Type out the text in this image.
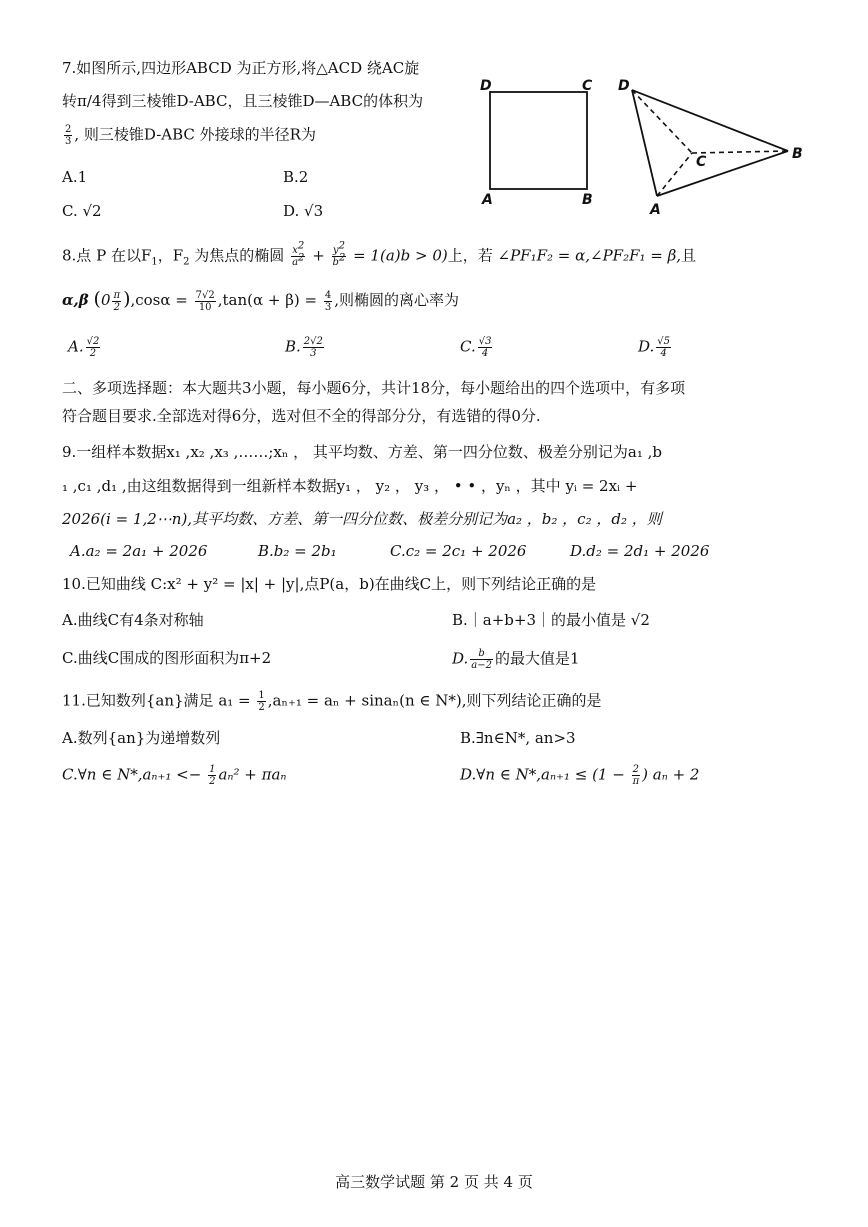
7.如图所示,四边形ABCD 为正方形,将△ACD 绕AC旋
转π/4得到三棱锥D-ABC，且三棱锥D—ABC的体积为
$\frac{2}{3}$ , 则三棱锥D-ABC 外接球的半径R为
A.1	B.2
C. √2	D. √3
D	C
A	B
D
C
A
B
8.点 P 在以$F_1$，$F_2$ 为焦点的椭圆 $\frac{x^2}{a^2} + \frac{y^2}{b^2} = 1(a)b > 0$)上，若 ∠PF₁F₂ = α,∠PF₂F₁ = β,且
α,β $(0 \frac{\pi}{2} ),\cos\alpha = \frac{7√2}{10} ,\tan(\alpha + \beta) = \frac{4}{3}$ ,则椭圆的离心率为
A. $\frac{√2}{2}$	B. $\frac{2√2}{3}$	C. $\frac{√3}{4}$	D. $\frac{√5}{4}$
二、多项选择题：本大题共3小题，每小题6分，共计18分，每小题给出的四个选项中，有多项
符合题目要求.全部选对得6分，选对但不全的得部分分，有选错的得0分.
9.一组样本数据x₁ ,x₂ ,x₃ ,……;xₙ ， 其平均数、方差、第一四分位数、极差分别记为a₁ ,b
₁ ,c₁ ,d₁ ,由这组数据得到一组新样本数据y₁ ， y₂ ， y₃ ， • • ，yₙ ，其中 yᵢ = 2xᵢ +
2026(i = 1,2⋯n),其平均数、方差、第一四分位数、极差分别记为a₂ ，b₂ ，c₂ ，d₂ ，则
A.a₂ = 2a₁ + 2026	B.b₂ = 2b₁	C.c₂ = 2c₁ + 2026	D.d₂ = 2d₁ + 2026
10.已知曲线 C:x² + y² = |x| + |y|,点P(a，b)在曲线C上，则下列结论正确的是
A.曲线C有4条对称轴	B.｜a+b+3｜的最小值是 √2
C.曲线C围成的图形面积为π+2	D. $\frac{b}{a-2}$ 的最大值是1
11.已知数列{an}满足 $a_1 = \frac{1}{2} ,a_{n+1} = a_n + \sin a_n(n$ ∈ N*),则下列结论正确的是
A.数列{an}为递增数列	B.∃n∈N*, an>3
C.∀n ∈ $N*,a_{n+1} <- \frac{1}{2} a_n^2 + \pi a_n$	D.∀n ∈ $N*,a_{n+1} \le (1 - \frac{2}{\pi}$ ) aₙ + 2
高三数学试题 第 2 页 共 4 页
